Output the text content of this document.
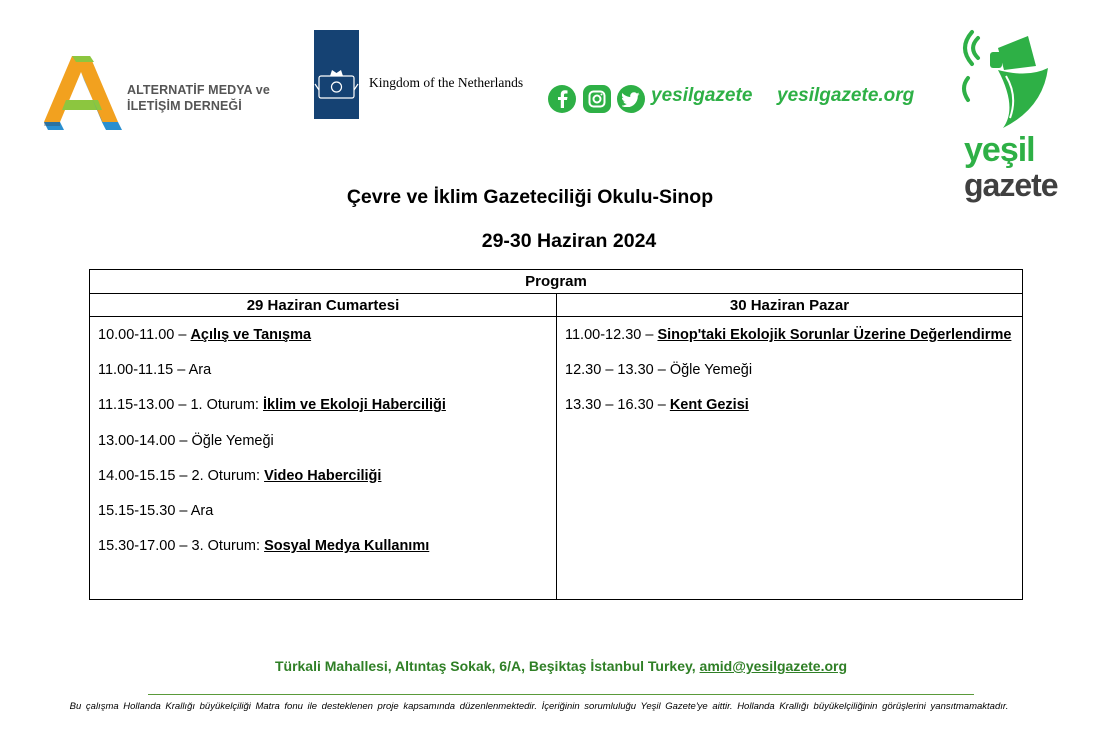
ALTERNATİF MEDYA ve
İLETİŞİM DERNEĞİ
Kingdom of the Netherlands
yesilgazete yesilgazete.org
yeşil
gazete
Çevre ve İklim Gazeteciliği Okulu-Sinop
29-30 Haziran 2024
Program
29 Haziran Cumartesi
10.00-11.00 – Açılış ve Tanışma
11.00-11.15 – Ara
11.15-13.00 – 1. Oturum: İklim ve Ekoloji Haberciliği
13.00-14.00 – Öğle Yemeği
14.00-15.15 – 2. Oturum: Video Haberciliği
15.15-15.30 – Ara
15.30-17.00 – 3. Oturum: Sosyal Medya Kullanımı
30 Haziran Pazar
11.00-12.30 – Sinop'taki Ekolojik Sorunlar Üzerine Değerlendirme
12.30 – 13.30 – Öğle Yemeği
13.30 – 16.30 – Kent Gezisi
Türkali Mahallesi, Altıntaş Sokak, 6/A, Beşiktaş İstanbul Turkey, amid@yesilgazete.org
Bu çalışma Hollanda Krallığı büyükelçiliği Matra fonu ile desteklenen proje kapsamında düzenlenmektedir. İçeriğinin sorumluluğu Yeşil Gazete'ye aittir. Hollanda Krallığı büyükelçiliğinin görüşlerini yansıtmamaktadır.
